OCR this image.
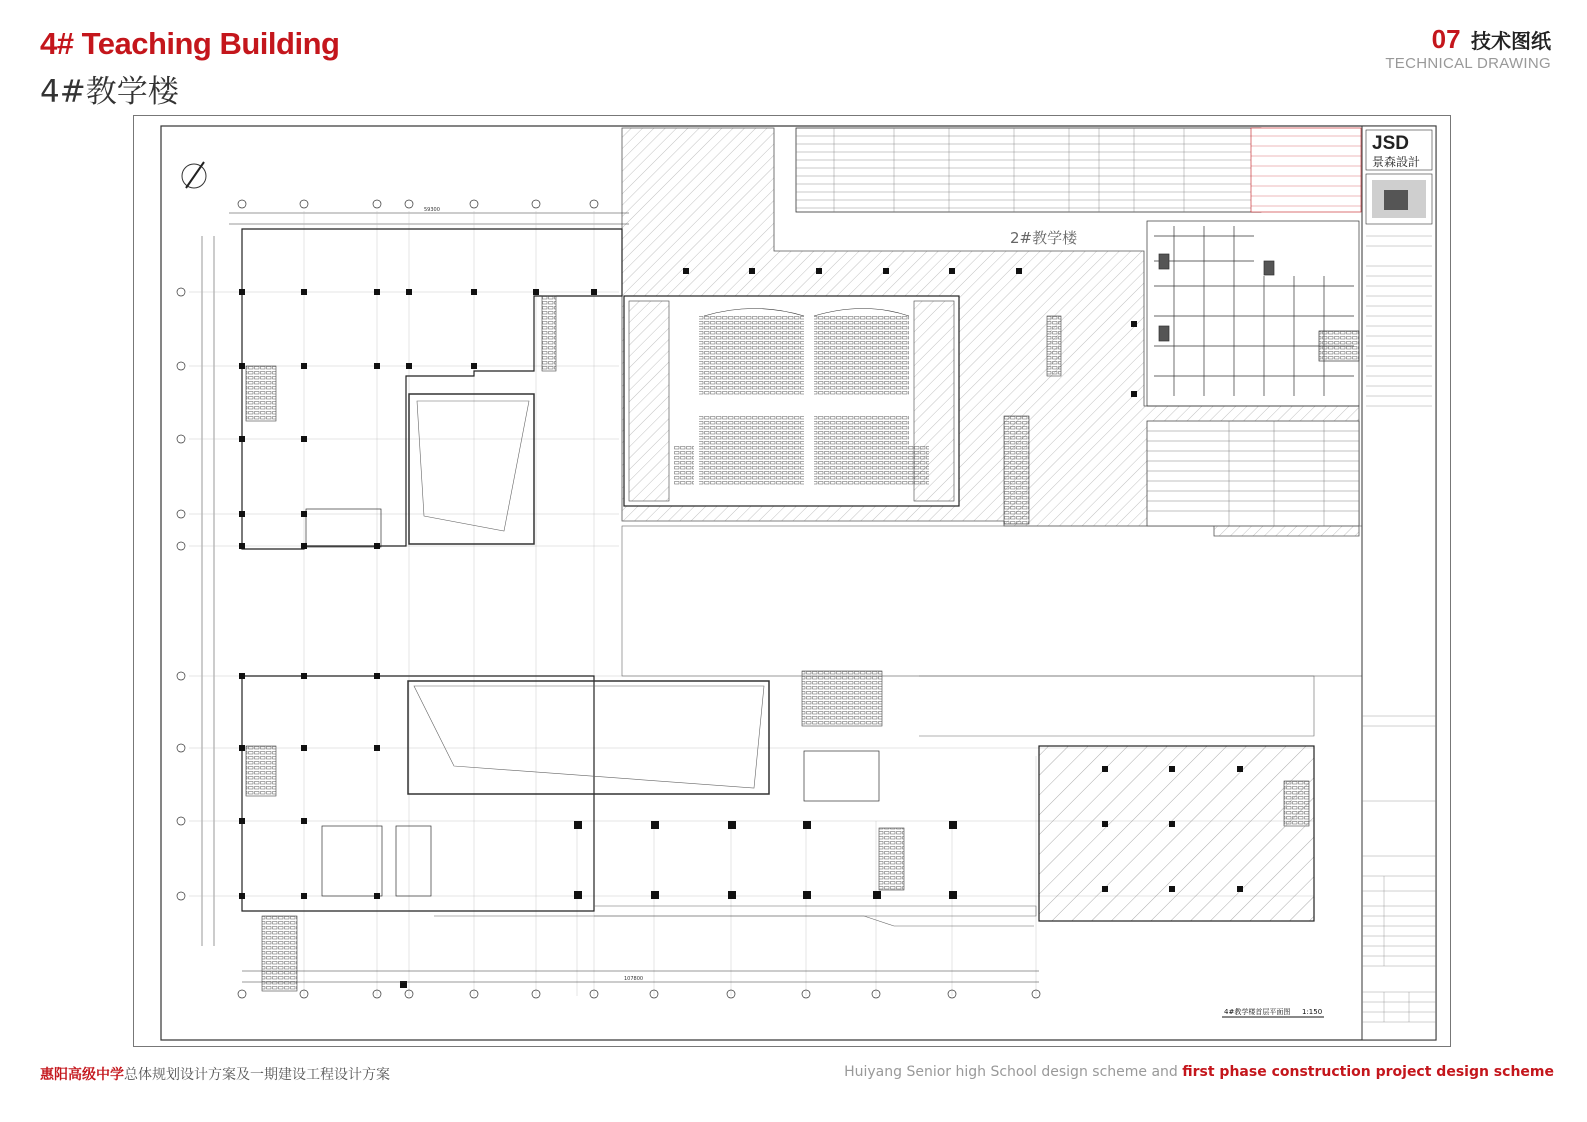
4# Teaching Building
4#教学楼
07 技术图纸
TECHNICAL DRAWING
2#教学楼
59300
107800
4#教学楼首层平面图 1:150
JSD
景森設計
惠阳高级中学总体规划设计方案及一期建设工程设计方案	Huiyang Senior high School design scheme and first phase construction project design scheme
